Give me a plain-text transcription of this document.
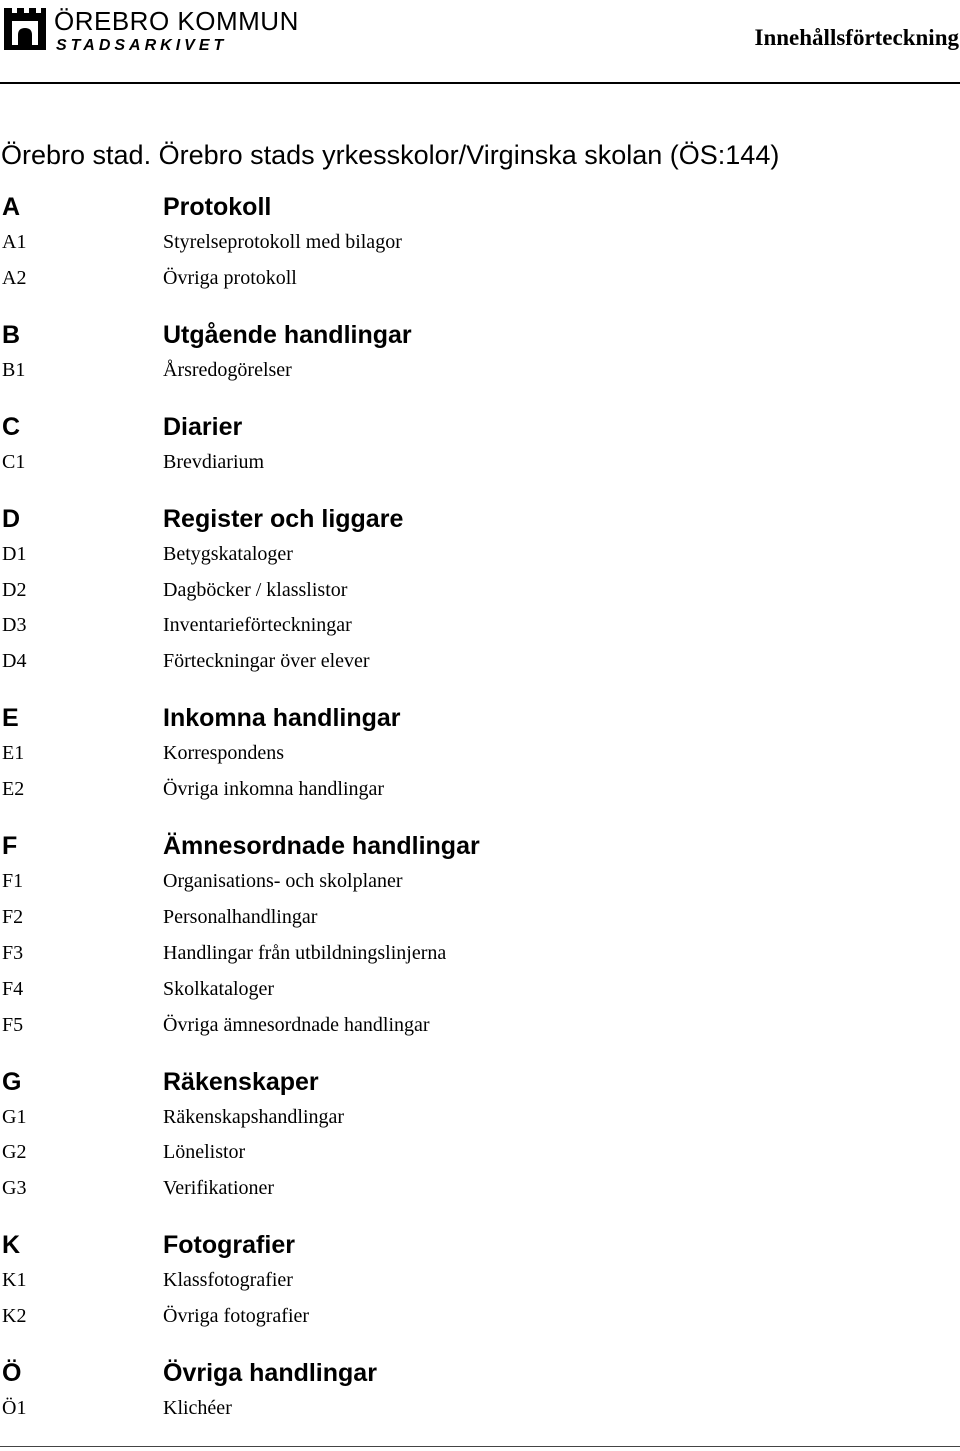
ÖREBRO KOMMUN
STADSARKIVET	Innehållsförteckning
Örebro stad. Örebro stads yrkesskolor/Virginska skolan (ÖS:144)
A	Protokoll
A1	Styrelseprotokoll med bilagor
A2	Övriga protokoll
B	Utgående handlingar
B1	Årsredogörelser
C	Diarier
C1	Brevdiarium
D	Register och liggare
D1	Betygskataloger
D2	Dagböcker / klasslistor
D3	Inventarieförteckningar
D4	Förteckningar över elever
E	Inkomna handlingar
E1	Korrespondens
E2	Övriga inkomna handlingar
F	Ämnesordnade handlingar
F1	Organisations- och skolplaner
F2	Personalhandlingar
F3	Handlingar från utbildningslinjerna
F4	Skolkataloger
F5	Övriga ämnesordnade handlingar
G	Räkenskaper
G1	Räkenskapshandlingar
G2	Lönelistor
G3	Verifikationer
K	Fotografier
K1	Klassfotografier
K2	Övriga fotografier
Ö	Övriga handlingar
Ö1	Klichéer
